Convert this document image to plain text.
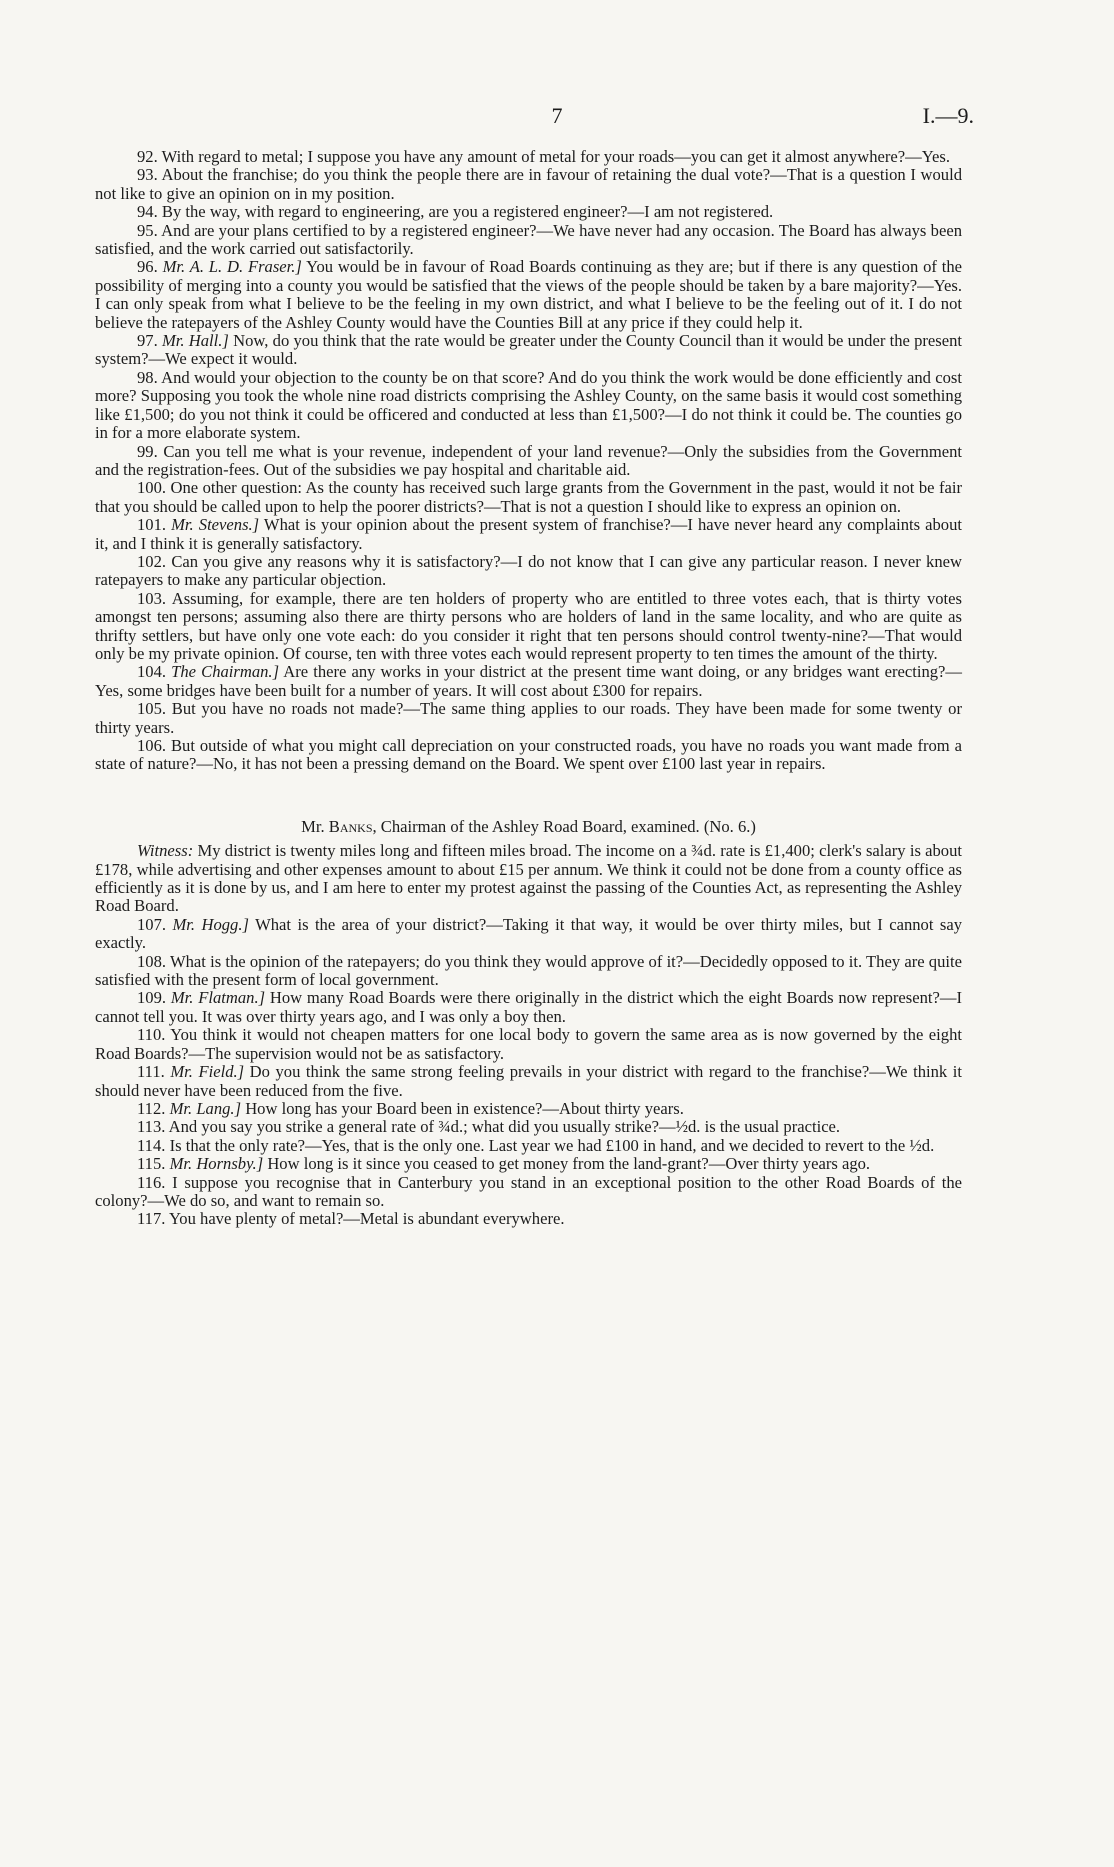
7	I.—9.

92. With regard to metal; I suppose you have any amount of metal for your roads—you can get it almost anywhere?—Yes.

93. About the franchise; do you think the people there are in favour of retaining the dual vote?—That is a question I would not like to give an opinion on in my position.

94. By the way, with regard to engineering, are you a registered engineer?—I am not registered.

95. And are your plans certified to by a registered engineer?—We have never had any occasion. The Board has always been satisfied, and the work carried out satisfactorily.

96. Mr. A. L. D. Fraser.] You would be in favour of Road Boards continuing as they are; but if there is any question of the possibility of merging into a county you would be satisfied that the views of the people should be taken by a bare majority?—Yes. I can only speak from what I believe to be the feeling in my own district, and what I believe to be the feeling out of it. I do not believe the ratepayers of the Ashley County would have the Counties Bill at any price if they could help it.

97. Mr. Hall.] Now, do you think that the rate would be greater under the County Council than it would be under the present system?—We expect it would.

98. And would your objection to the county be on that score? And do you think the work would be done efficiently and cost more? Supposing you took the whole nine road districts comprising the Ashley County, on the same basis it would cost something like £1,500; do you not think it could be officered and conducted at less than £1,500?—I do not think it could be. The counties go in for a more elaborate system.

99. Can you tell me what is your revenue, independent of your land revenue?—Only the subsidies from the Government and the registration-fees. Out of the subsidies we pay hospital and charitable aid.

100. One other question: As the county has received such large grants from the Government in the past, would it not be fair that you should be called upon to help the poorer districts?—That is not a question I should like to express an opinion on.

101. Mr. Stevens.] What is your opinion about the present system of franchise?—I have never heard any complaints about it, and I think it is generally satisfactory.

102. Can you give any reasons why it is satisfactory?—I do not know that I can give any particular reason. I never knew ratepayers to make any particular objection.

103. Assuming, for example, there are ten holders of property who are entitled to three votes each, that is thirty votes amongst ten persons; assuming also there are thirty persons who are holders of land in the same locality, and who are quite as thrifty settlers, but have only one vote each: do you consider it right that ten persons should control twenty-nine?—That would only be my private opinion. Of course, ten with three votes each would represent property to ten times the amount of the thirty.

104. The Chairman.] Are there any works in your district at the present time want doing, or any bridges want erecting?—Yes, some bridges have been built for a number of years. It will cost about £300 for repairs.

105. But you have no roads not made?—The same thing applies to our roads. They have been made for some twenty or thirty years.

106. But outside of what you might call depreciation on your constructed roads, you have no roads you want made from a state of nature?—No, it has not been a pressing demand on the Board. We spent over £100 last year in repairs.

Mr. Banks, Chairman of the Ashley Road Board, examined. (No. 6.)

Witness: My district is twenty miles long and fifteen miles broad. The income on a ¾d. rate is £1,400; clerk's salary is about £178, while advertising and other expenses amount to about £15 per annum. We think it could not be done from a county office as efficiently as it is done by us, and I am here to enter my protest against the passing of the Counties Act, as representing the Ashley Road Board.

107. Mr. Hogg.] What is the area of your district?—Taking it that way, it would be over thirty miles, but I cannot say exactly.

108. What is the opinion of the ratepayers; do you think they would approve of it?—Decidedly opposed to it. They are quite satisfied with the present form of local government.

109. Mr. Flatman.] How many Road Boards were there originally in the district which the eight Boards now represent?—I cannot tell you. It was over thirty years ago, and I was only a boy then.

110. You think it would not cheapen matters for one local body to govern the same area as is now governed by the eight Road Boards?—The supervision would not be as satisfactory.

111. Mr. Field.] Do you think the same strong feeling prevails in your district with regard to the franchise?—We think it should never have been reduced from the five.

112. Mr. Lang.] How long has your Board been in existence?—About thirty years.

113. And you say you strike a general rate of ¾d.; what did you usually strike?—½d. is the usual practice.

114. Is that the only rate?—Yes, that is the only one. Last year we had £100 in hand, and we decided to revert to the ½d.

115. Mr. Hornsby.] How long is it since you ceased to get money from the land-grant?—Over thirty years ago.

116. I suppose you recognise that in Canterbury you stand in an exceptional position to the other Road Boards of the colony?—We do so, and want to remain so.

117. You have plenty of metal?—Metal is abundant everywhere.
